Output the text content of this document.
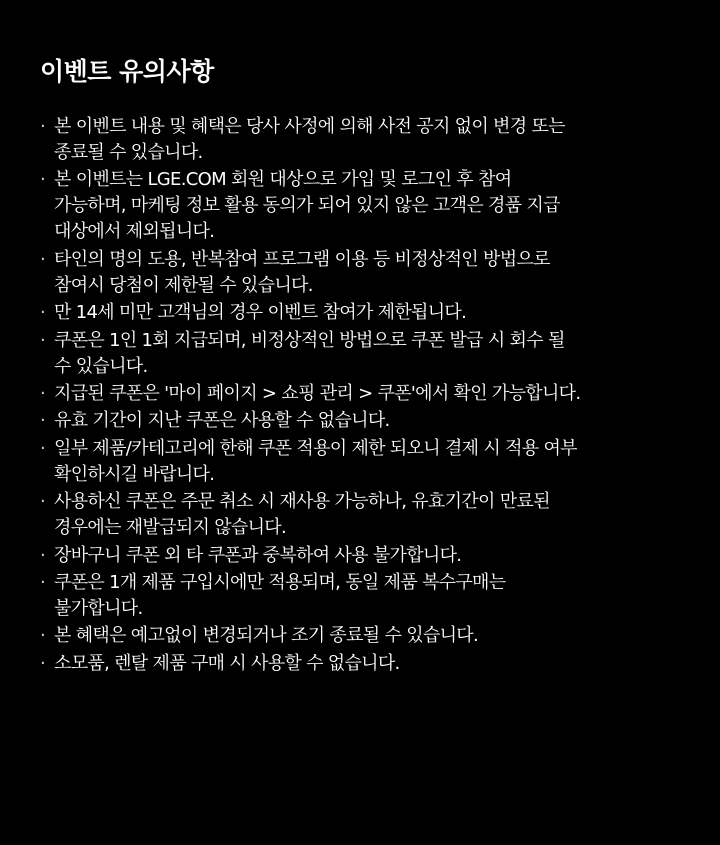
이벤트 유의사항
· 본 이벤트 내용 및 혜택은 당사 사정에 의해 사전 공지 없이 변경 또는
종료될 수 있습니다.
· 본 이벤트는 LGE.COM 회원 대상으로 가입 및 로그인 후 참여
가능하며, 마케팅 정보 활용 동의가 되어 있지 않은 고객은 경품 지급
대상에서 제외됩니다.
· 타인의 명의 도용, 반복참여 프로그램 이용 등 비정상적인 방법으로
참여시 당첨이 제한될 수 있습니다.
· 만 14세 미만 고객님의 경우 이벤트 참여가 제한됩니다.
· 쿠폰은 1인 1회 지급되며, 비정상적인 방법으로 쿠폰 발급 시 회수 될
수 있습니다.
· 지급된 쿠폰은 '마이 페이지 > 쇼핑 관리 > 쿠폰'에서 확인 가능합니다.
· 유효 기간이 지난 쿠폰은 사용할 수 없습니다.
· 일부 제품/카테고리에 한해 쿠폰 적용이 제한 되오니 결제 시 적용 여부
확인하시길 바랍니다.
· 사용하신 쿠폰은 주문 취소 시 재사용 가능하나, 유효기간이 만료된
경우에는 재발급되지 않습니다.
· 장바구니 쿠폰 외 타 쿠폰과 중복하여 사용 불가합니다.
· 쿠폰은 1개 제품 구입시에만 적용되며, 동일 제품 복수구매는
불가합니다.
· 본 혜택은 예고없이 변경되거나 조기 종료될 수 있습니다.
· 소모품, 렌탈 제품 구매 시 사용할 수 없습니다.
